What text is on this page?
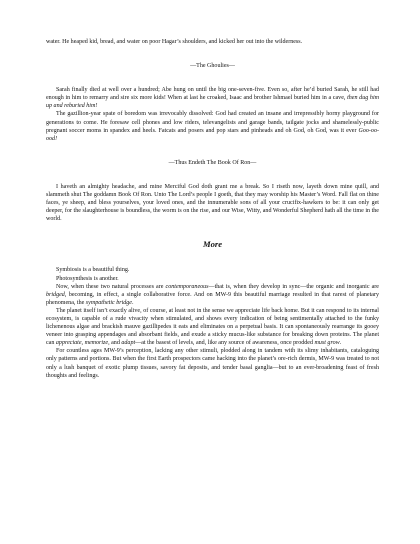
water. He heaped kid, bread, and water on poor Hagar’s shoulders, and kicked her out into the wilderness.

—The Ghoulies—

Sarah finally died at well over a hundred; Abe hung on until the big one-seven-five. Even so, after he’d buried Sarah, he still had enough in him to remarry and sire six more kids! When at last he croaked, Isaac and brother Ishmael buried him in a cave, then dug him up and reburied him!

The gazillion-year spate of boredom was irrevocably dissolved: God had created an insane and irrepressibly horny playground for generations to come. He foresaw cell phones and low riders, televangelists and garage bands, tailgate jocks and shamelessly-public pregnant soccer moms in spandex and heels. Fatcats and posers and pop stars and pinheads and oh God, oh God, was it ever Goo-oo-ood!

—Thus Endeth The Book Of Ron—

I haveth an almighty headache, and mine Merciful God doth grant me a break. So I riseth now, layeth down mine quill, and slammeth shut The goddamn Book Of Ron. Unto The Lord’s people I goeth, that they may worship his Master’s Word. Fall flat on thine faces, ye sheep, and bless yourselves, your loved ones, and the innumerable sons of all your crucifix-hawkers to be: it can only get deeper, for the slaughterhouse is boundless, the worm is on the rise, and our Wise, Witty, and Wonderful Shepherd hath all the time in the world.

More

Symbiosis is a beautiful thing.

Photosynthesis is another.

Now, when these two natural processes are contemporaneous—that is, when they develop in sync—the organic and inorganic are bridged, becoming, in effect, a single collaborative force. And on MW-9 this beautiful marriage resulted in that rarest of planetary phenomena, the sympathetic bridge.

The planet itself isn’t exactly alive, of course, at least not in the sense we appreciate life back home. But it can respond to its internal ecosystem, is capable of a rude vivacity when stimulated, and shows every indication of being sentimentally attached to the funky lichenenous algae and brackish mauve gazillipedes it eats and eliminates on a perpetual basis. It can spontaneously rearrange its gooey veneer into grasping appendages and absorbant fields, and exude a sticky mucus-like substance for breaking down proteins. The planet can appreciate, memorize, and adapt—at the basest of levels, and, like any source of awareness, once prodded must grow.

For countless ages MW-9’s perception, lacking any other stimuli, plodded along in tandem with its slimy inhabitants, cataloguing only patterns and portions. But when the first Earth prospectors came hacking into the planet’s ore-rich dermis, MW-9 was treated to not only a lush banquet of exotic plump tissues, savory fat deposits, and tender basal ganglia—but to an ever-broadening feast of fresh thoughts and feelings.
